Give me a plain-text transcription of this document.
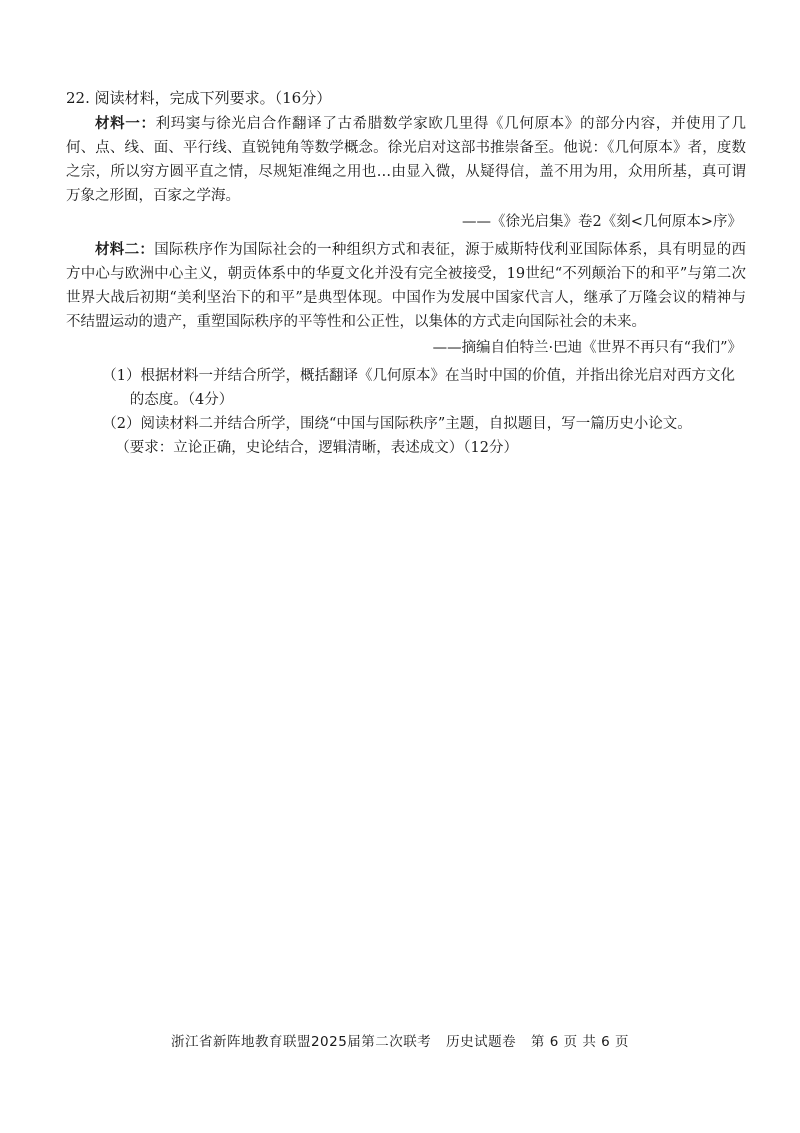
22. 阅读材料，完成下列要求。（16分）

材料一：利玛窦与徐光启合作翻译了古希腊数学家欧几里得《几何原本》的部分内容，并使用了几何、点、线、面、平行线、直锐钝角等数学概念。徐光启对这部书推崇备至。他说：《几何原本》者，度数之宗，所以穷方圆平直之情，尽规矩准绳之用也…由显入微，从疑得信，盖不用为用，众用所基，真可谓万象之形囿，百家之学海。

——《徐光启集》卷2《刻<几何原本>序》

材料二：国际秩序作为国际社会的一种组织方式和表征，源于威斯特伐利亚国际体系，具有明显的西方中心与欧洲中心主义，朝贡体系中的华夏文化并没有完全被接受，19世纪“不列颠治下的和平”与第二次世界大战后初期“美利坚治下的和平”是典型体现。中国作为发展中国家代言人，继承了万隆会议的精神与不结盟运动的遗产，重塑国际秩序的平等性和公正性，以集体的方式走向国际社会的未来。

——摘编自伯特兰·巴迪《世界不再只有“我们”》

（1）根据材料一并结合所学，概括翻译《几何原本》在当时中国的价值，并指出徐光启对西方文化的态度。（4分）

（2）阅读材料二并结合所学，围绕“中国与国际秩序”主题，自拟题目，写一篇历史小论文。

（要求：立论正确，史论结合，逻辑清晰，表述成文）（12分）

浙江省新阵地教育联盟2025届第二次联考 历史试题卷 第 6 页 共 6 页
